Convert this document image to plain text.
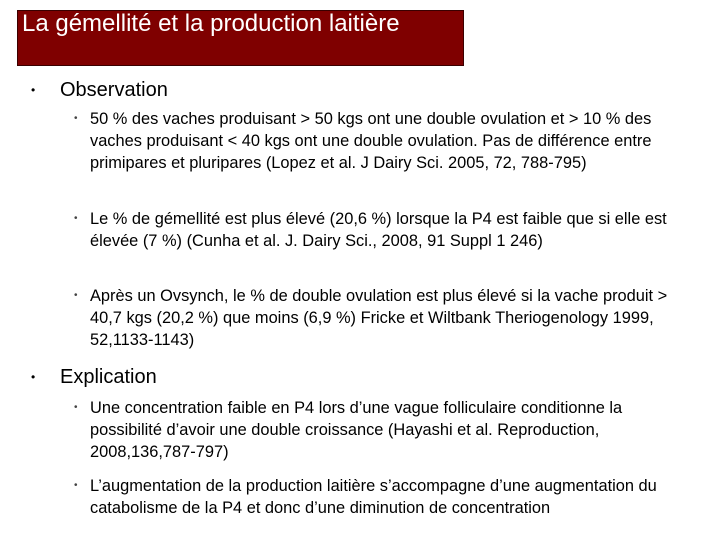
La gémellité et la production laitière
• Observation
• 50 % des vaches produisant > 50 kgs ont une double ovulation et > 10 % des vaches produisant < 40 kgs ont une double ovulation. Pas de différence entre primipares et pluripares (Lopez et al. J Dairy Sci. 2005, 72, 788-795)
• Le % de gémellité est plus élevé (20,6 %) lorsque la P4 est faible que si elle est élevée (7 %) (Cunha et al. J. Dairy Sci., 2008, 91 Suppl 1 246)
• Après un Ovsynch, le % de double ovulation est plus élevé si la vache produit > 40,7 kgs (20,2 %) que moins (6,9 %) Fricke et Wiltbank Theriogenology 1999, 52,1133-1143)
• Explication
• Une concentration faible en P4 lors d’une vague folliculaire conditionne la possibilité d’avoir une double croissance (Hayashi et al. Reproduction, 2008,136,787-797)
• L’augmentation de la production laitière s’accompagne d’une augmentation du catabolisme de la P4 et donc d’une diminution de concentration
